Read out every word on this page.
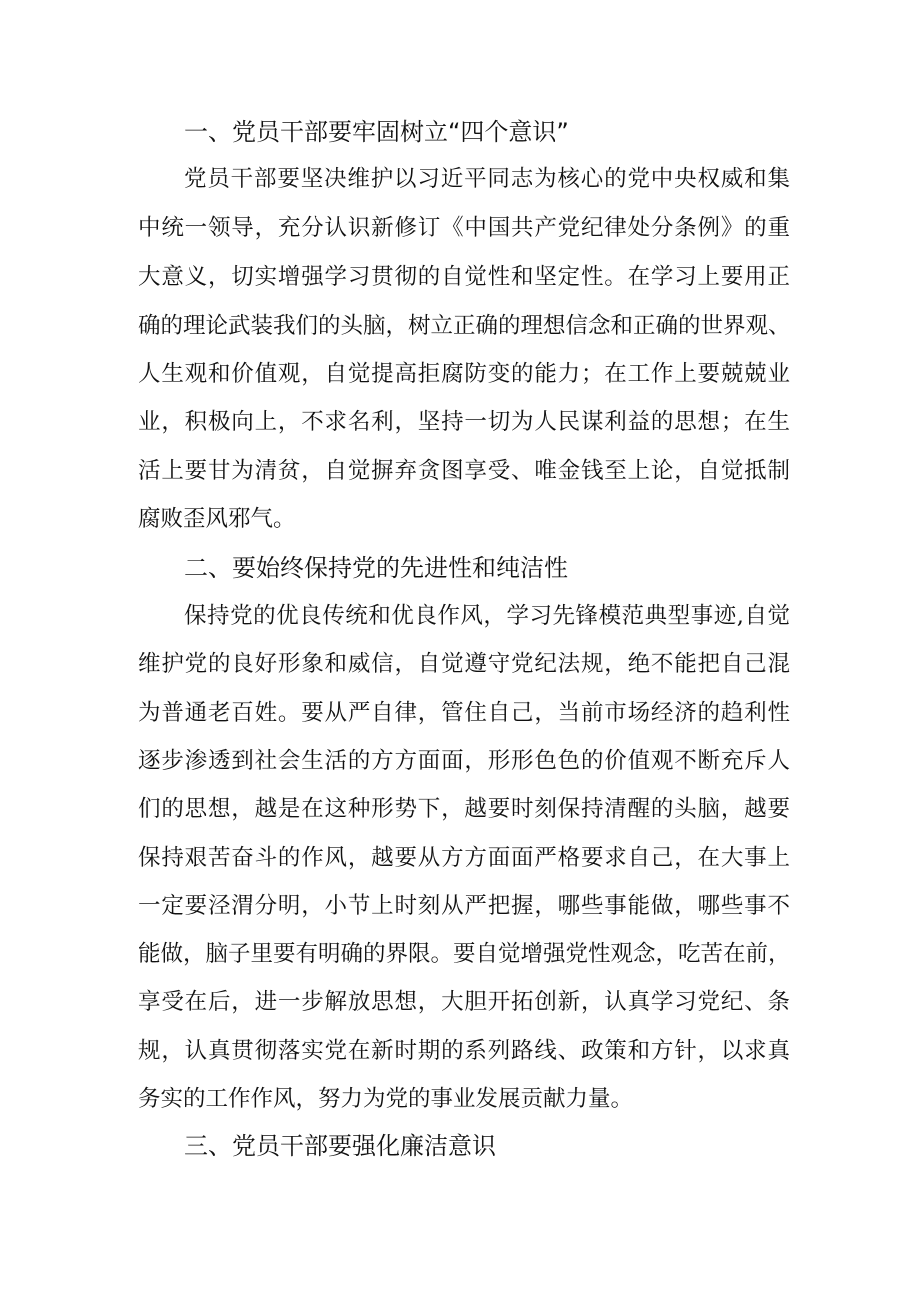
一、党员干部要牢固树立“四个意识”
党员干部要坚决维护以习近平同志为核心的党中央权威和集
中统一领导，充分认识新修订《中国共产党纪律处分条例》的重
大意义，切实增强学习贯彻的自觉性和坚定性。在学习上要用正
确的理论武装我们的头脑，树立正确的理想信念和正确的世界观、
人生观和价值观，自觉提高拒腐防变的能力；在工作上要兢兢业
业，积极向上，不求名利，坚持一切为人民谋利益的思想；在生
活上要甘为清贫，自觉摒弃贪图享受、唯金钱至上论，自觉抵制
腐败歪风邪气。
二、要始终保持党的先进性和纯洁性
保持党的优良传统和优良作风，学习先锋模范典型事迹,自觉
维护党的良好形象和威信，自觉遵守党纪法规，绝不能把自己混
为普通老百姓。要从严自律，管住自己，当前市场经济的趋利性
逐步渗透到社会生活的方方面面，形形色色的价值观不断充斥人
们的思想，越是在这种形势下，越要时刻保持清醒的头脑，越要
保持艰苦奋斗的作风，越要从方方面面严格要求自己，在大事上
一定要泾渭分明，小节上时刻从严把握，哪些事能做，哪些事不
能做，脑子里要有明确的界限。要自觉增强党性观念，吃苦在前，
享受在后，进一步解放思想，大胆开拓创新，认真学习党纪、条
规，认真贯彻落实党在新时期的系列路线、政策和方针，以求真
务实的工作作风，努力为党的事业发展贡献力量。
三、党员干部要强化廉洁意识
